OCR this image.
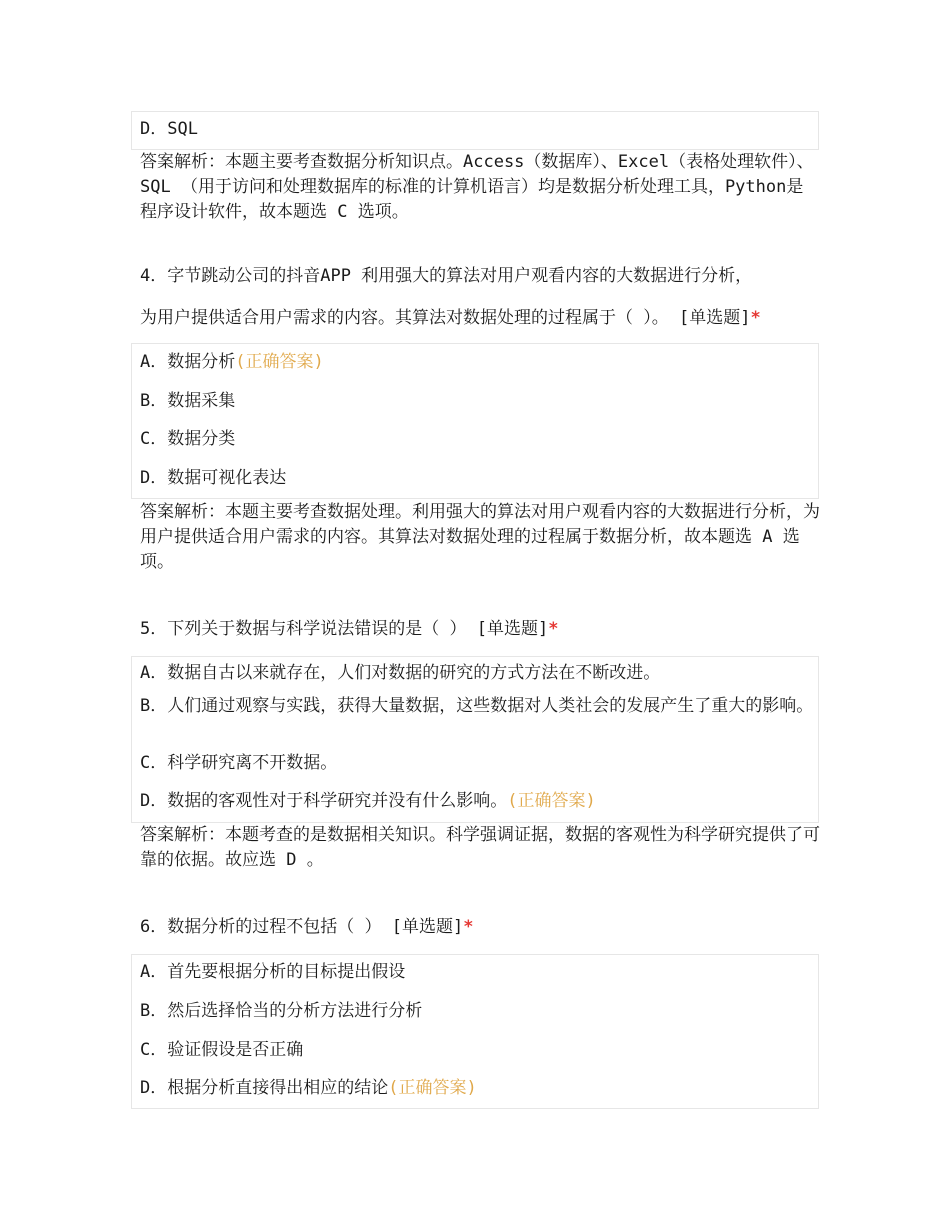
D．SQL
答案解析：本题主要考查数据分析知识点。Access（数据库）、Excel（表格处理软件）、SQL （用于访问和处理数据库的标准的计算机语言）均是数据分析处理工具，Python是程序设计软件，故本题选 C 选项。
4．字节跳动公司的抖音APP 利用强大的算法对用户观看内容的大数据进行分析，
为用户提供适合用户需求的内容。其算法对数据处理的过程属于（ ）。 [单选题]*
A．数据分析(正确答案)
B．数据采集
C．数据分类
D．数据可视化表达
答案解析：本题主要考查数据处理。利用强大的算法对用户观看内容的大数据进行分析，为用户提供适合用户需求的内容。其算法对数据处理的过程属于数据分析，故本题选 A 选项。
5．下列关于数据与科学说法错误的是（ ） [单选题]*
A．数据自古以来就存在，人们对数据的研究的方式方法在不断改进。
B．人们通过观察与实践，获得大量数据，这些数据对人类社会的发展产生了重大的影响。
C．科学研究离不开数据。
D．数据的客观性对于科学研究并没有什么影响。(正确答案)
答案解析：本题考查的是数据相关知识。科学强调证据，数据的客观性为科学研究提供了可靠的依据。故应选 D 。
6．数据分析的过程不包括（ ） [单选题]*
A．首先要根据分析的目标提出假设
B．然后选择恰当的分析方法进行分析
C．验证假设是否正确
D．根据分析直接得出相应的结论(正确答案)
